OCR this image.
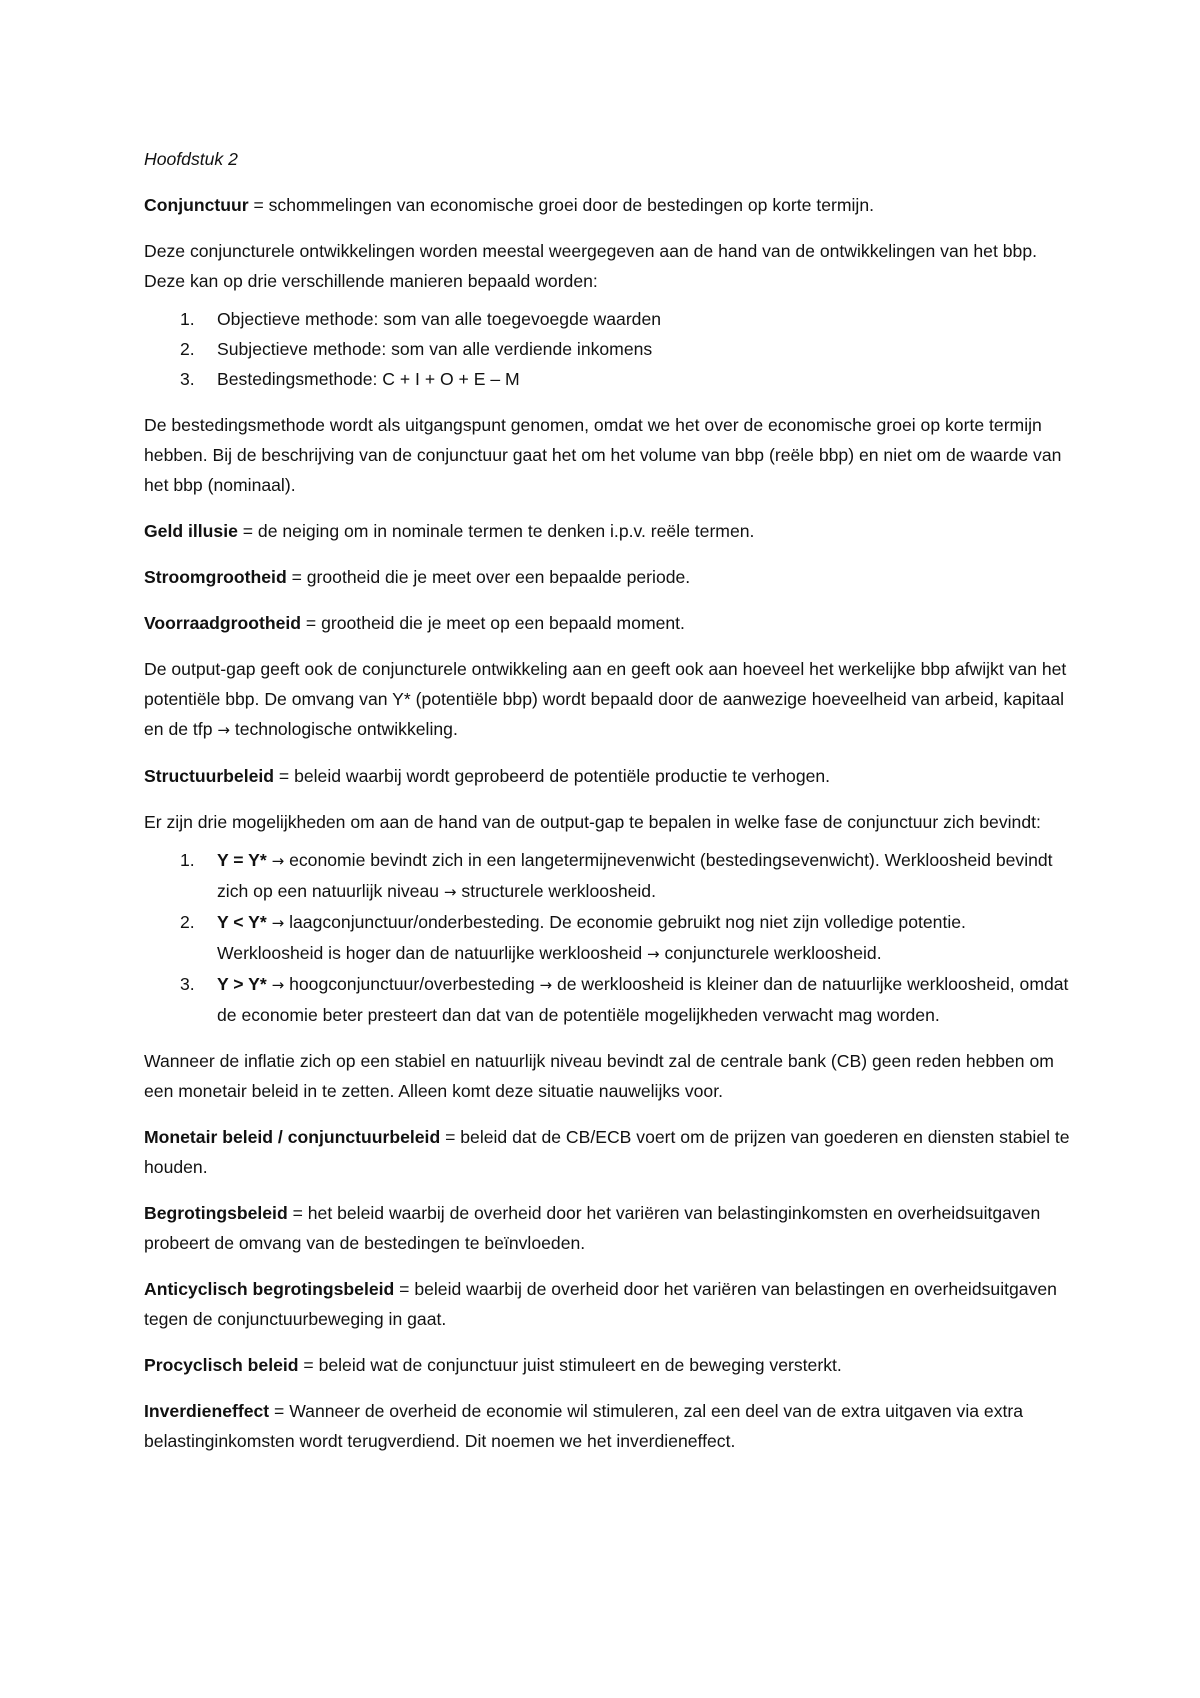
Hoofdstuk 2

Conjunctuur = schommelingen van economische groei door de bestedingen op korte termijn.

Deze conjuncturele ontwikkelingen worden meestal weergegeven aan de hand van de ontwikkelingen van het bbp. Deze kan op drie verschillende manieren bepaald worden:

1. Objectieve methode: som van alle toegevoegde waarden
2. Subjectieve methode: som van alle verdiende inkomens
3. Bestedingsmethode: C + I + O + E – M

De bestedingsmethode wordt als uitgangspunt genomen, omdat we het over de economische groei op korte termijn hebben. Bij de beschrijving van de conjunctuur gaat het om het volume van bbp (reële bbp) en niet om de waarde van het bbp (nominaal).

Geld illusie = de neiging om in nominale termen te denken i.p.v. reële termen.

Stroomgrootheid = grootheid die je meet over een bepaalde periode.

Voorraadgrootheid = grootheid die je meet op een bepaald moment.

De output-gap geeft ook de conjuncturele ontwikkeling aan en geeft ook aan hoeveel het werkelijke bbp afwijkt van het potentiële bbp. De omvang van Y* (potentiële bbp) wordt bepaald door de aanwezige hoeveelheid van arbeid, kapitaal en de tfp → technologische ontwikkeling.

Structuurbeleid = beleid waarbij wordt geprobeerd de potentiële productie te verhogen.

Er zijn drie mogelijkheden om aan de hand van de output-gap te bepalen in welke fase de conjunctuur zich bevindt:

1. Y = Y* → economie bevindt zich in een langetermijnevenwicht (bestedingsevenwicht). Werkloosheid bevindt zich op een natuurlijk niveau → structurele werkloosheid.
2. Y < Y* → laagconjunctuur/onderbesteding. De economie gebruikt nog niet zijn volledige potentie. Werkloosheid is hoger dan de natuurlijke werkloosheid → conjuncturele werkloosheid.
3. Y > Y* → hoogconjunctuur/overbesteding → de werkloosheid is kleiner dan de natuurlijke werkloosheid, omdat de economie beter presteert dan dat van de potentiële mogelijkheden verwacht mag worden.

Wanneer de inflatie zich op een stabiel en natuurlijk niveau bevindt zal de centrale bank (CB) geen reden hebben om een monetair beleid in te zetten. Alleen komt deze situatie nauwelijks voor.

Monetair beleid / conjunctuurbeleid = beleid dat de CB/ECB voert om de prijzen van goederen en diensten stabiel te houden.

Begrotingsbeleid = het beleid waarbij de overheid door het variëren van belastinginkomsten en overheidsuitgaven probeert de omvang van de bestedingen te beïnvloeden.

Anticyclisch begrotingsbeleid = beleid waarbij de overheid door het variëren van belastingen en overheidsuitgaven tegen de conjunctuurbeweging in gaat.

Procyclisch beleid = beleid wat de conjunctuur juist stimuleert en de beweging versterkt.

Inverdieneffect = Wanneer de overheid de economie wil stimuleren, zal een deel van de extra uitgaven via extra belastinginkomsten wordt terugverdiend. Dit noemen we het inverdieneffect.
